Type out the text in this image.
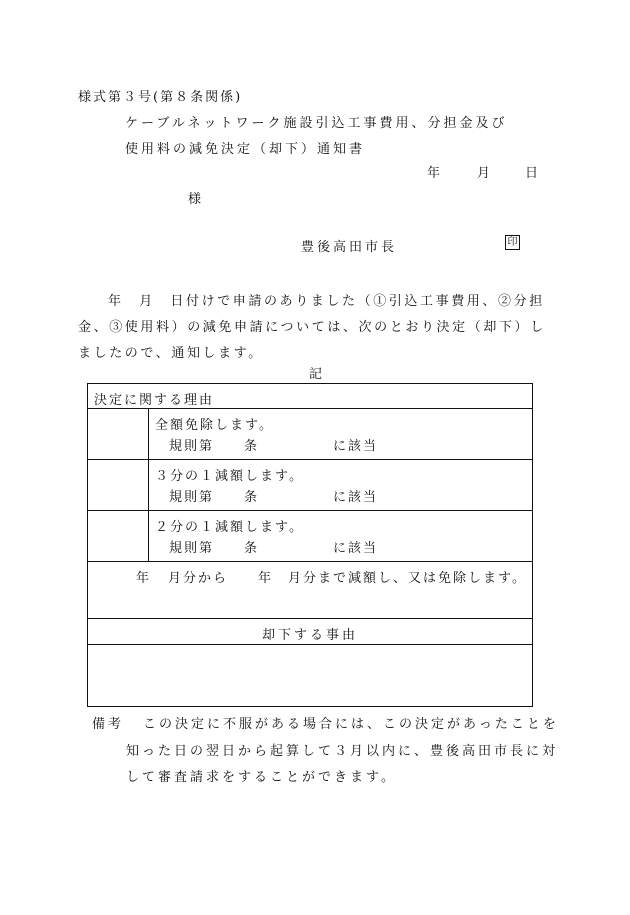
様式第３号(第８条関係)
ケーブルネットワーク施設引込工事費用、分担金及び
使用料の減免決定（却下）通知書
年	月	日
様
豊後高田市長	印
年　月　日付けで申請のありました（①引込工事費用、②分担
金、③使用料）の減免申請については、次のとおり決定（却下）し
ましたので、通知します。
記
決定に関する理由	

	全額免除します。
規則第 条 に該当

	３分の１減額します。
規則第 条 に該当

	２分の１減額します。
規則第 条 に該当

年 月分から 年 月分まで減額し、又は免除します。	

却下する事由	

備考 この決定に不服がある場合には、この決定があったことを
知った日の翌日から起算して３月以内に、豊後高田市長に対
して審査請求をすることができます。
